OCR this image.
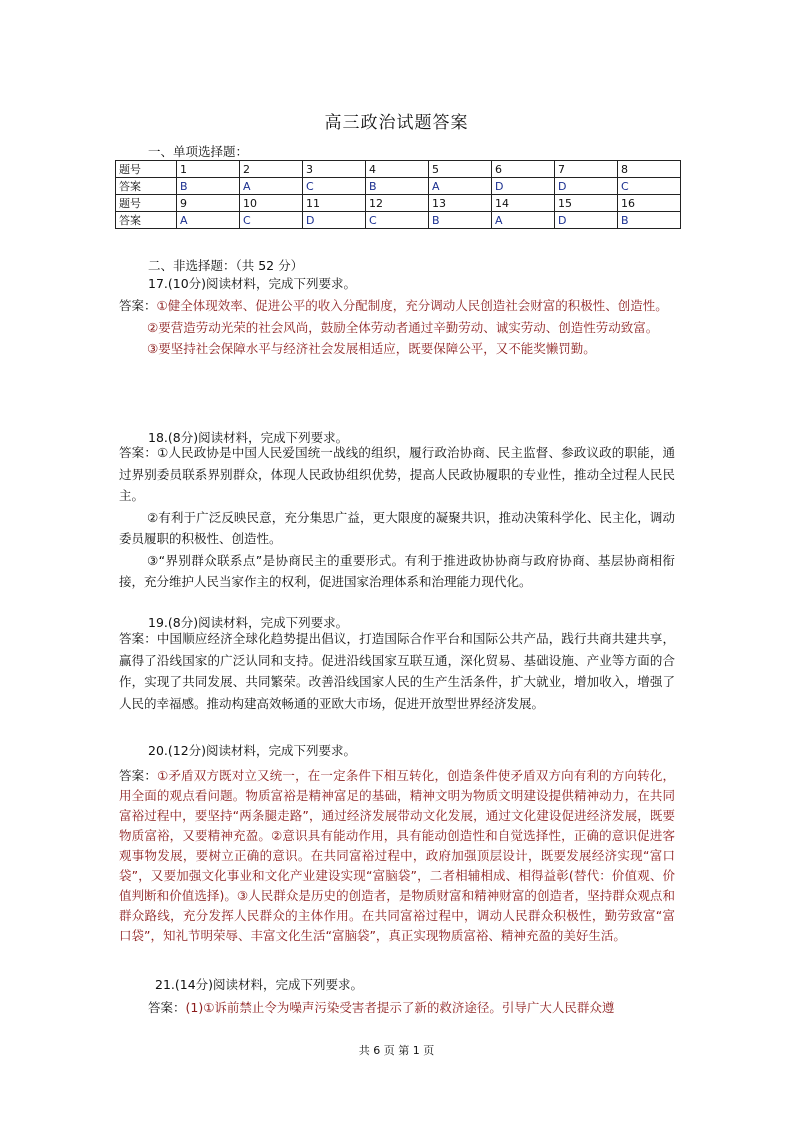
高三政治试题答案
一、单项选择题：
题号	1	2	3	4	5	6	7	8
答案	B	A	C	B	A	D	D	C
题号	9	10	11	12	13	14	15	16
答案	A	C	D	C	B	A	D	B
二、非选择题：（共 52 分）
17.(10分)阅读材料，完成下列要求。
答案：①健全体现效率、促进公平的收入分配制度，充分调动人民创造社会财富的积极性、创造性。
②要营造劳动光荣的社会风尚，鼓励全体劳动者通过辛勤劳动、诚实劳动、创造性劳动致富。
③要坚持社会保障水平与经济社会发展相适应，既要保障公平，又不能奖懒罚勤。
18.(8分)阅读材料，完成下列要求。
答案：①人民政协是中国人民爱国统一战线的组织，履行政治协商、民主监督、参政议政的职能，通过界别委员联系界别群众，体现人民政协组织优势，提高人民政协履职的专业性，推动全过程人民民主。
②有利于广泛反映民意，充分集思广益，更大限度的凝聚共识，推动决策科学化、民主化，调动委员履职的积极性、创造性。
③“界别群众联系点”是协商民主的重要形式。有利于推进政协协商与政府协商、基层协商相衔接，充分维护人民当家作主的权利，促进国家治理体系和治理能力现代化。
19.(8分)阅读材料，完成下列要求。
答案：中国顺应经济全球化趋势提出倡议，打造国际合作平台和国际公共产品，践行共商共建共享，赢得了沿线国家的广泛认同和支持。促进沿线国家互联互通，深化贸易、基础设施、产业等方面的合作，实现了共同发展、共同繁荣。改善沿线国家人民的生产生活条件，扩大就业，增加收入，增强了人民的幸福感。推动构建高效畅通的亚欧大市场，促进开放型世界经济发展。
20.(12分)阅读材料，完成下列要求。
答案：①矛盾双方既对立又统一，在一定条件下相互转化，创造条件使矛盾双方向有利的方向转化，用全面的观点看问题。物质富裕是精神富足的基础，精神文明为物质文明建设提供精神动力，在共同富裕过程中，要坚持“两条腿走路”，通过经济发展带动文化发展，通过文化建设促进经济发展，既要物质富裕，又要精神充盈。②意识具有能动作用，具有能动创造性和自觉选择性，正确的意识促进客观事物发展，要树立正确的意识。在共同富裕过程中，政府加强顶层设计，既要发展经济实现“富口袋”，又要加强文化事业和文化产业建设实现“富脑袋”，二者相辅相成、相得益彰(替代：价值观、价值判断和价值选择)。③人民群众是历史的创造者，是物质财富和精神财富的创造者，坚持群众观点和群众路线，充分发挥人民群众的主体作用。在共同富裕过程中，调动人民群众积极性，勤劳致富“富口袋”，知礼节明荣辱、丰富文化生活“富脑袋”，真正实现物质富裕、精神充盈的美好生活。
21.(14分)阅读材料，完成下列要求。
答案：(1)①诉前禁止令为噪声污染受害者提示了新的救济途径。引导广大人民群众遵
共 6 页 第 1 页
